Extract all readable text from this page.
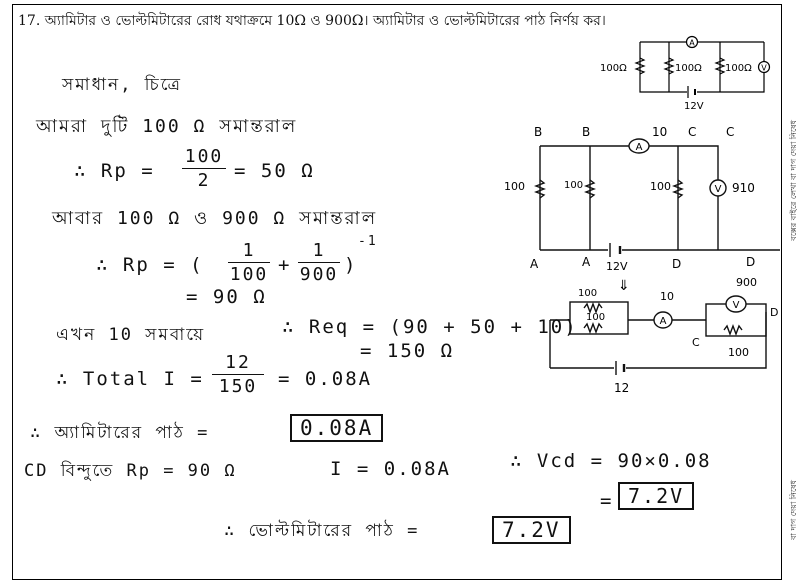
17. অ্যামিটার ও ভোল্টমিটারের রোধ যথাক্রমে 10Ω ও 900Ω। অ্যামিটার ও ভোল্টমিটারের পাঠ নির্ণয় কর।
A
V
100Ω	100Ω 100Ω
12V
সমাধান, চিত্রে
আমরা দুটি 100 Ω সমান্তরাল
∴ Rp =
100
2 = 50 Ω
আবার 100 Ω ও 900 Ω সমান্তরাল
∴ Rp = (
1
100 +
1
900 )
-1
= 90 Ω
এখন 10 সমবায়ে	∴ Req = (90 + 50 + 10)
= 150 Ω
∴ Total I =
12
150 = 0.08A
∴ অ্যামিটারের পাঠ =	0.08A
CD বিন্দুতে Rp = 90 Ω	I = 0.08A	∴ Vcd = 90×0.08
= 7.2V
∴ ভোল্টমিটারের পাঠ =	7.2V
A
V
B	B	10 C C
100	100	100	910
A	A 12V	D	D
A
V
⇓	900
10
100
100
C
D
100
12
বক্সের বাইরে লেখা বা দাগ দেয়া নিষেধ
বা দাগ দেয়া নিষেধ
